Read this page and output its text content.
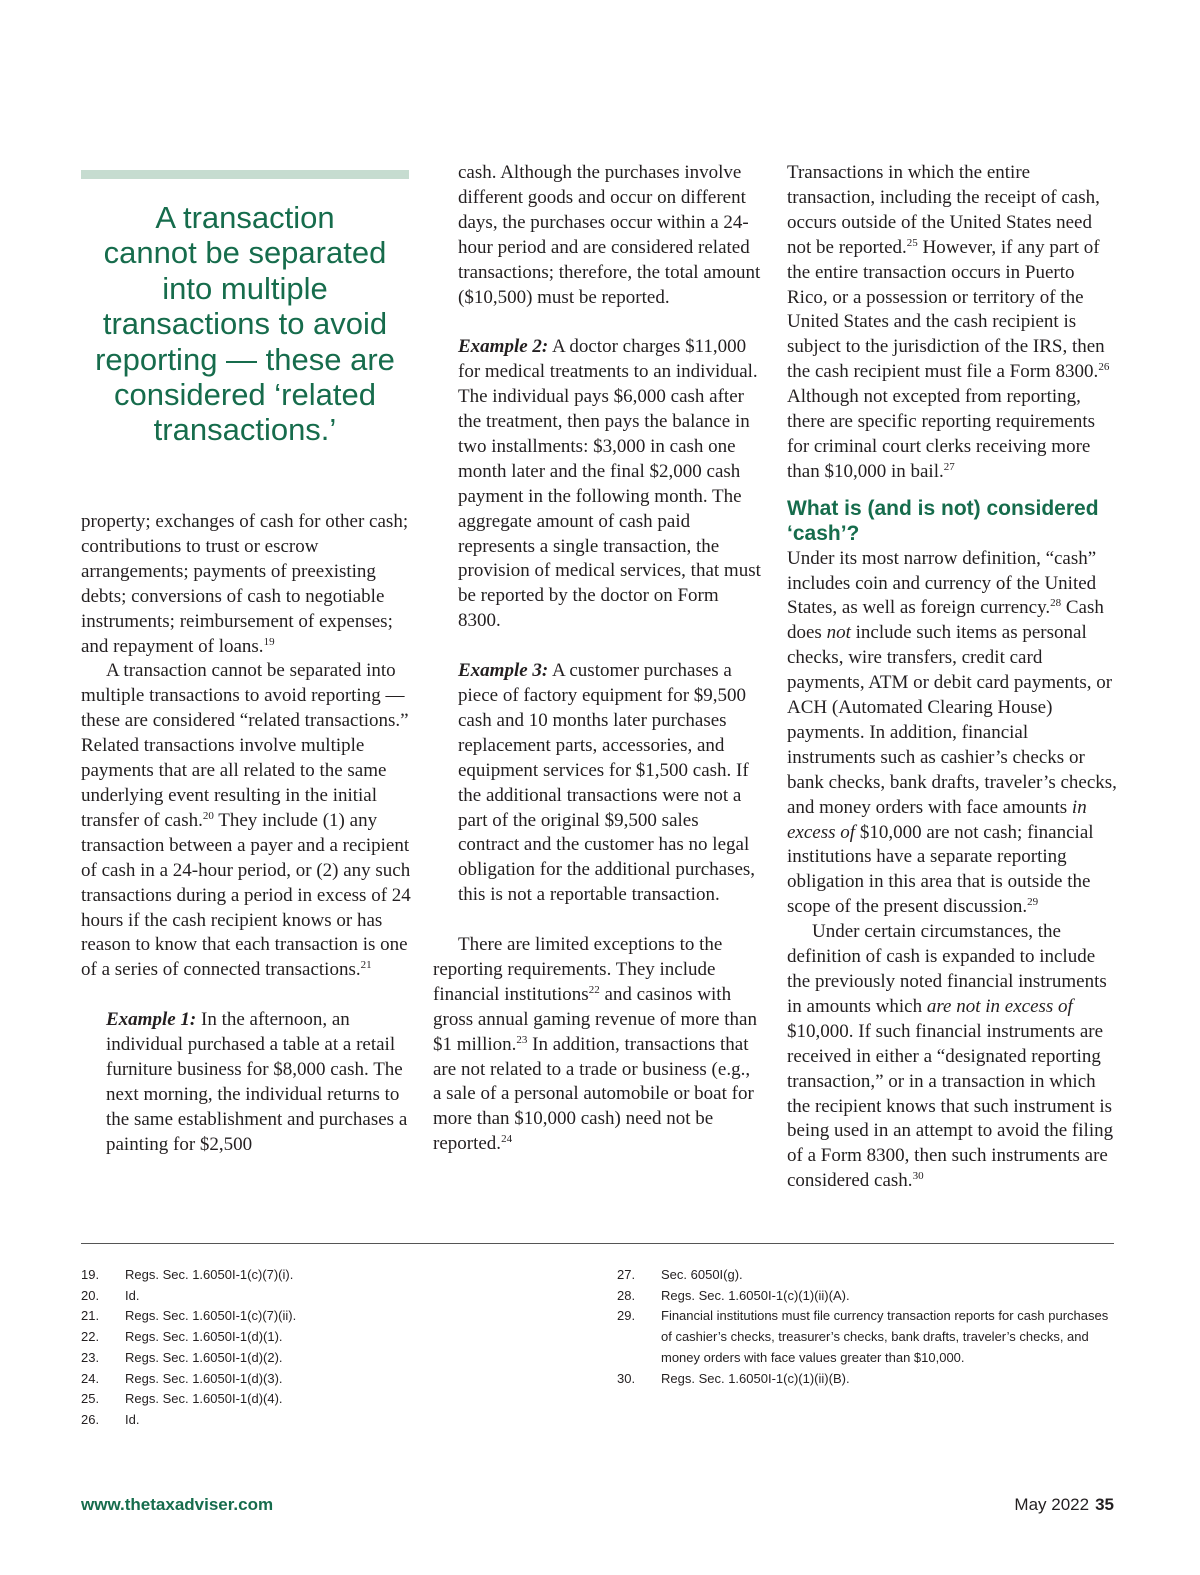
A transaction
cannot be separated
into multiple
transactions to avoid
reporting — these are
considered ‘related
transactions.’

property; exchanges of cash for other cash; contributions to trust or escrow arrangements; payments of preexisting debts; conversions of cash to negotiable instruments; reimbursement of expenses; and repayment of loans.$^{19}$

A transaction cannot be separated into multiple transactions to avoid reporting — these are considered “related transactions.” Related transactions involve multiple payments that are all related to the same underlying event resulting in the initial transfer of cash.$^{20}$ They include (1) any transaction between a payer and a recipient of cash in a 24-hour period, or (2) any such transactions during a period in excess of 24 hours if the cash recipient knows or has reason to know that each transaction is one of a series of connected transactions.$^{21}$

Example 1: In the afternoon, an individual purchased a table at a retail furniture business for $8,000 cash. The next morning, the individual returns to the same establishment and purchases a painting for $2,500

cash. Although the purchases involve different goods and occur on different days, the purchases occur within a 24-hour period and are considered related transactions; therefore, the total amount ($10,500) must be reported.

Example 2: A doctor charges $11,000 for medical treatments to an individual. The individual pays $6,000 cash after the treatment, then pays the balance in two installments: $3,000 in cash one month later and the final $2,000 cash payment in the following month. The aggregate amount of cash paid represents a single transaction, the provision of medical services, that must be reported by the doctor on Form 8300.

Example 3: A customer purchases a piece of factory equipment for $9,500 cash and 10 months later purchases replacement parts, accessories, and equipment services for $1,500 cash. If the additional transactions were not a part of the original $9,500 sales contract and the customer has no legal obligation for the additional purchases, this is not a reportable transaction.

There are limited exceptions to the reporting requirements. They include financial institutions$^{22}$ and casinos with gross annual gaming revenue of more than $1 million.$^{23}$ In addition, transactions that are not related to a trade or business (e.g., a sale of a personal automobile or boat for more than $10,000 cash) need not be reported.$^{24}$

Transactions in which the entire transaction, including the receipt of cash, occurs outside of the United States need not be reported.$^{25}$ However, if any part of the entire transaction occurs in Puerto Rico, or a possession or territory of the United States and the cash recipient is subject to the jurisdiction of the IRS, then the cash recipient must file a Form 8300.26 Although not excepted from reporting, there are specific reporting requirements for criminal court clerks receiving more than $10,000 in bail.$^{27}$

What is (and is not) considered ‘cash’?

Under its most narrow definition, “cash” includes coin and currency of the United States, as well as foreign currency.$^{28}$ Cash does not include such items as personal checks, wire transfers, credit card payments, ATM or debit card payments, or ACH (Automated Clearing House) payments. In addition, financial instruments such as cashier’s checks or bank checks, bank drafts, traveler’s checks, and money orders with face amounts in excess of $10,000 are not cash; financial institutions have a separate reporting obligation in this area that is outside the scope of the present discussion.$^{29}$

Under certain circumstances, the definition of cash is expanded to include the previously noted financial instruments in amounts which are not in excess of $10,000. If such financial instruments are received in either a “designated reporting transaction,” or in a transaction in which the recipient knows that such instrument is being used in an attempt to avoid the filing of a Form 8300, then such instruments are considered cash.$^{30}$

19.	Regs. Sec. 1.6050I-1(c)(7)(i).
20.	Id.
21.	Regs. Sec. 1.6050I-1(c)(7)(ii).
22.	Regs. Sec. 1.6050I-1(d)(1).
23.	Regs. Sec. 1.6050I-1(d)(2).
24.	Regs. Sec. 1.6050I-1(d)(3).
25.	Regs. Sec. 1.6050I-1(d)(4).
26.	Id.
27.	Sec. 6050I(g).
28.	Regs. Sec. 1.6050I-1(c)(1)(ii)(A).
29.	Financial institutions must file currency transaction reports for cash purchases of cashier’s checks, treasurer’s checks, bank drafts, traveler’s checks, and money orders with face values greater than $10,000.
30.	Regs. Sec. 1.6050I-1(c)(1)(ii)(B).
www.thetaxadviser.com	May 2022 35
